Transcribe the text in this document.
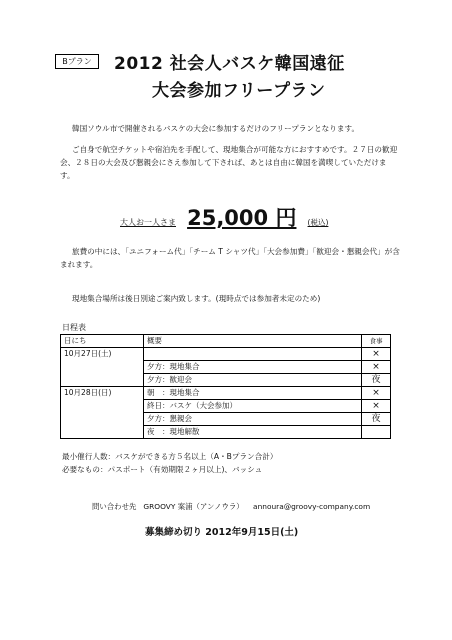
Bプラン	2012 社会人バスケ韓国遠征
大会参加フリープラン
韓国ソウル市で開催されるバスケの大会に参加するだけのフリープランとなります。
ご自身で航空チケットや宿泊先を手配して、現地集合が可能な方におすすめです。２７日の歓迎会、２８日の大会及び懇親会にさえ参加して下されば、あとは自由に韓国を満喫していただけます。
大人お一人さま 25,000 円 (税込)
旅費の中には、「ユニフォーム代」「チーム T シャツ代」「大会参加費」「歓迎会・懇親会代」が含まれます。
現地集合場所は後日別途ご案内致します。(現時点では参加者未定のため)
日程表
日にち	概要	食事
10月27日(土)		×
	夕方：現地集合	×
	夕方：歓迎会	夜
10月28日(日)	朝　：現地集合	×
	終日：バスケ（大会参加）	×
	夕方：懇親会	夜
	夜　：現地解散	
最小催行人数：バスケができる方５名以上（A・Bプラン合計）
必要なもの：パスポート（有効期限２ヶ月以上)、バッシュ
問い合わせ先 GROOVY 案浦（アンノウラ） annoura@groovy-company.com
募集締め切り 2012年9月15日(土)
